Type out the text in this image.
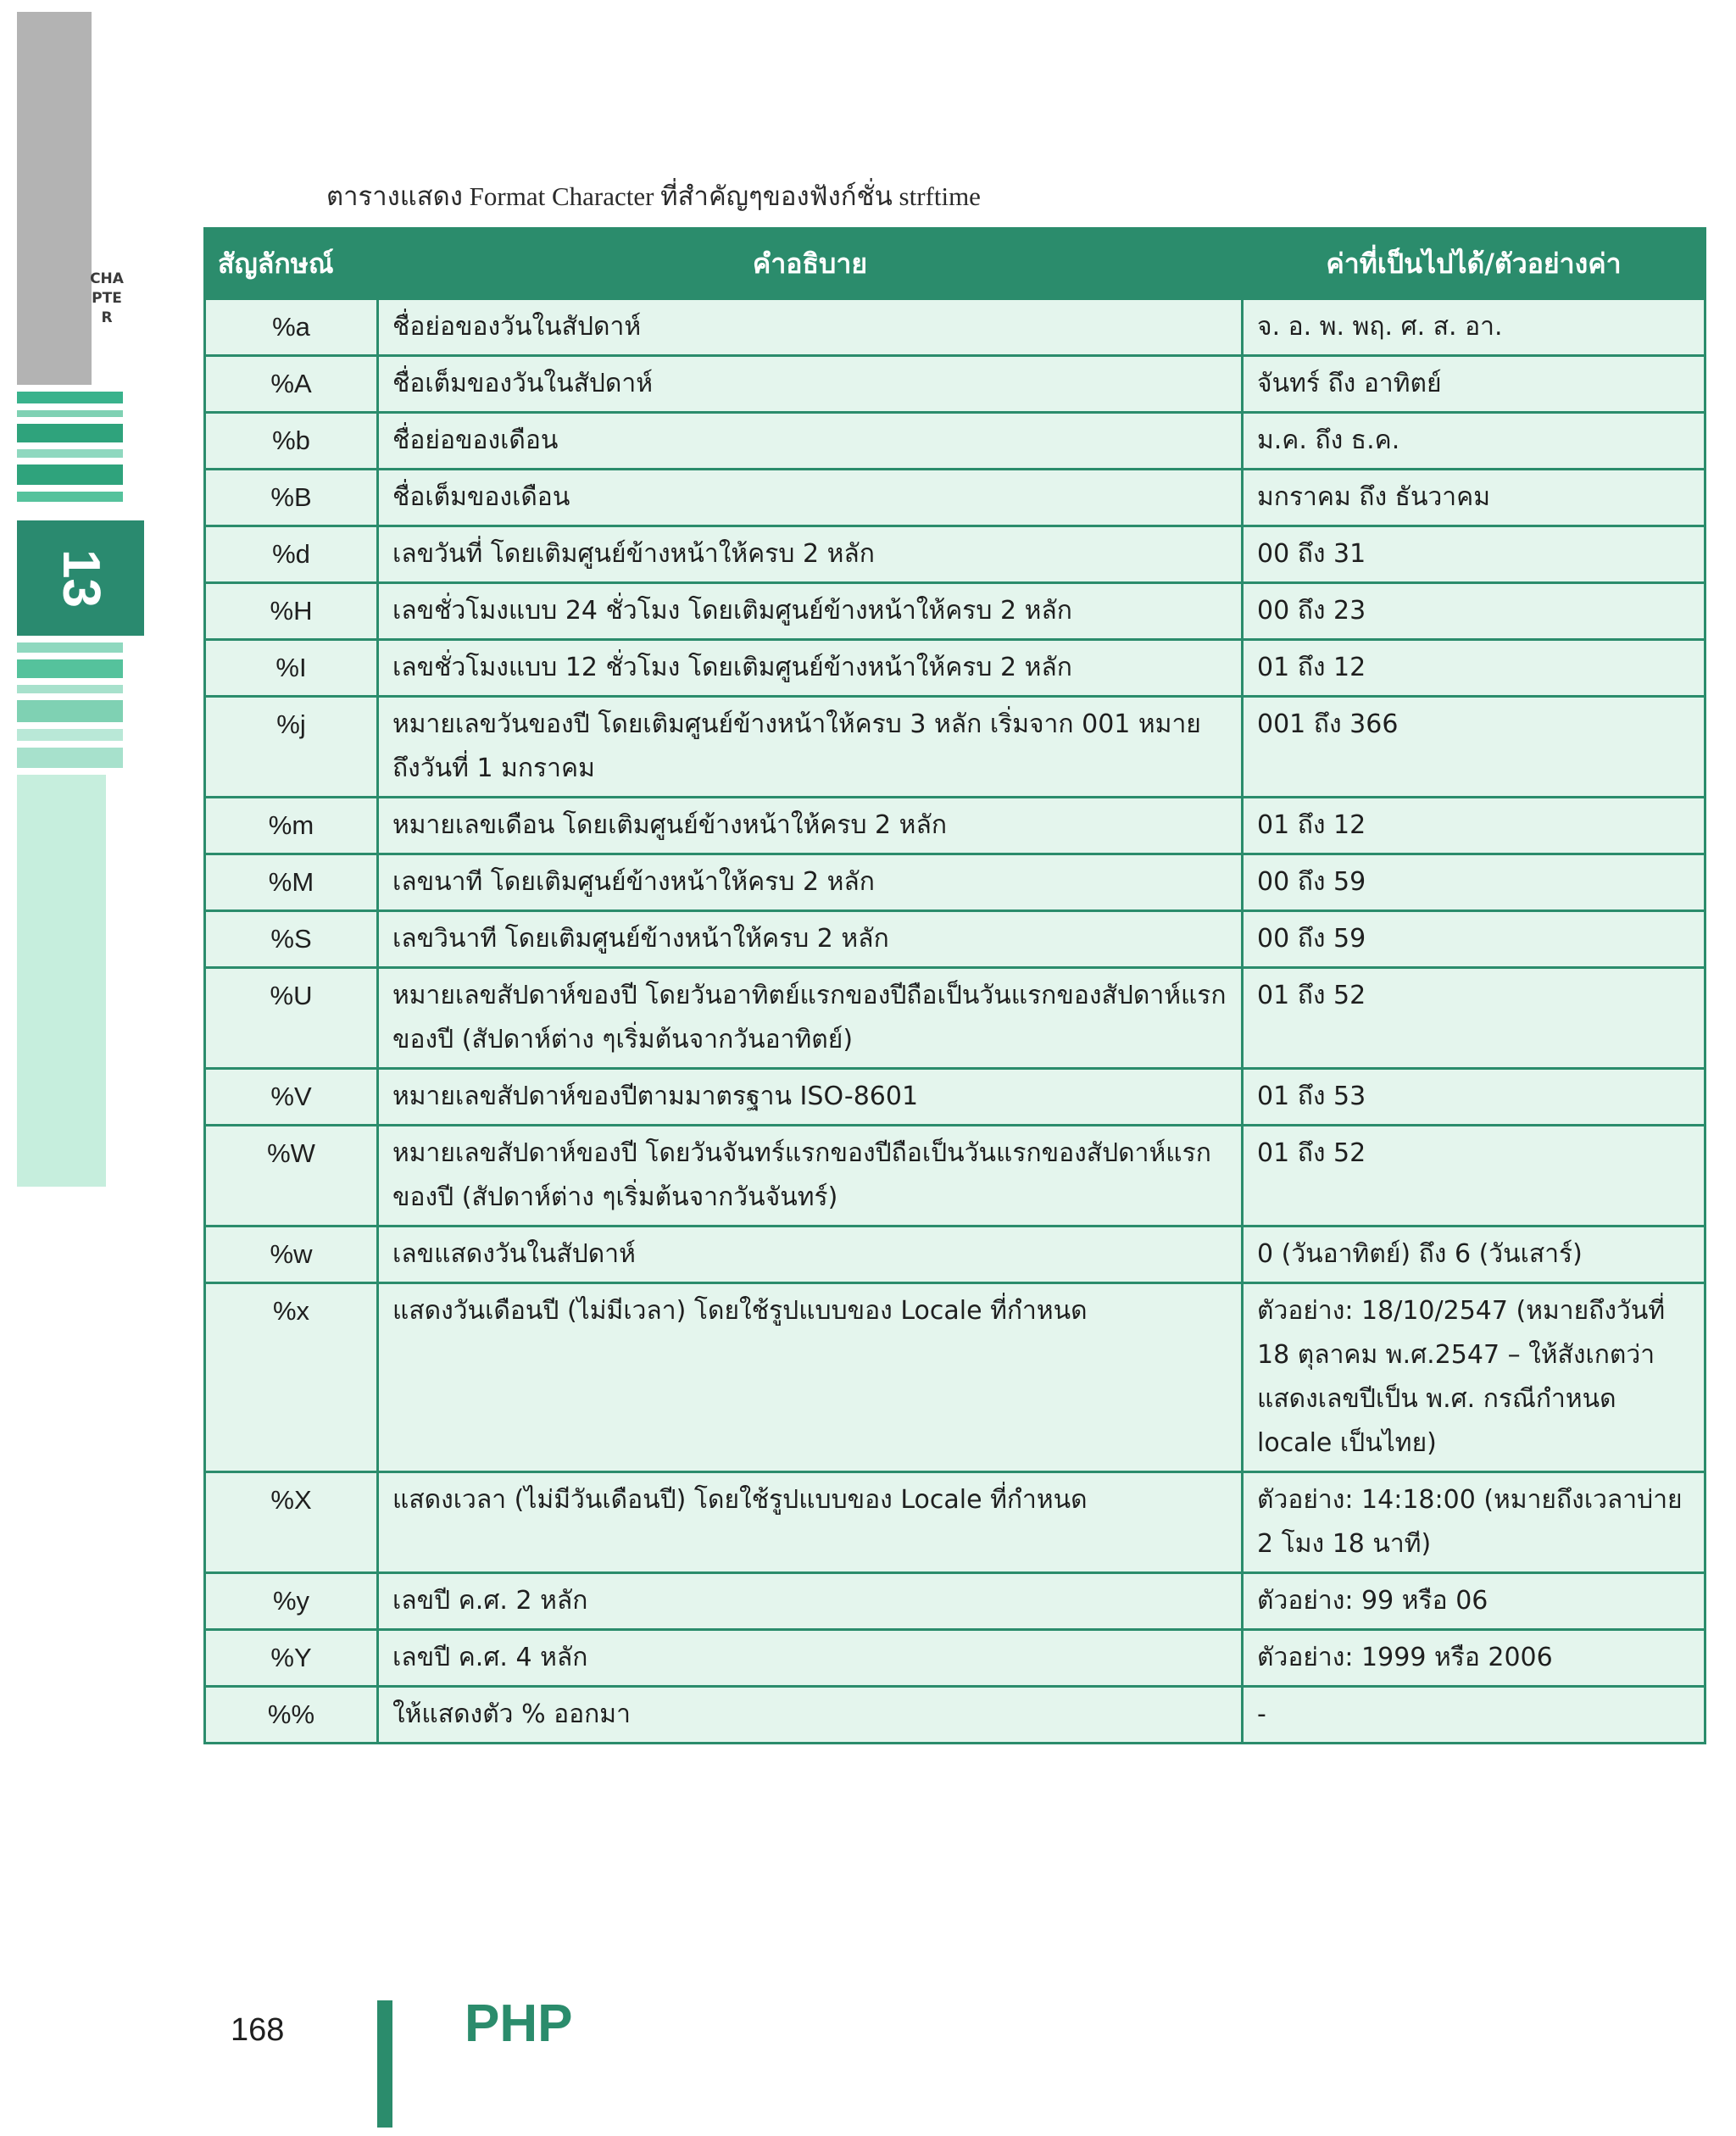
CHAPTER
13
ตารางแสดง Format Character ที่สำคัญๆของฟังก์ชั่น strftime
สัญลักษณ์	คำอธิบาย	ค่าที่เป็นไปได้/ตัวอย่างค่า
%a	ชื่อย่อของวันในสัปดาห์	จ. อ. พ. พฤ. ศ. ส. อา.
%A	ชื่อเต็มของวันในสัปดาห์	จันทร์ ถึง อาทิตย์
%b	ชื่อย่อของเดือน	ม.ค. ถึง ธ.ค.
%B	ชื่อเต็มของเดือน	มกราคม ถึง ธันวาคม
%d	เลขวันที่ โดยเติมศูนย์ข้างหน้าให้ครบ 2 หลัก	00 ถึง 31
%H	เลขชั่วโมงแบบ 24 ชั่วโมง โดยเติมศูนย์ข้างหน้าให้ครบ 2 หลัก	00 ถึง 23
%I	เลขชั่วโมงแบบ 12 ชั่วโมง โดยเติมศูนย์ข้างหน้าให้ครบ 2 หลัก	01 ถึง 12
%j	หมายเลขวันของปี โดยเติมศูนย์ข้างหน้าให้ครบ 3 หลัก เริ่มจาก 001 หมายถึงวันที่ 1 มกราคม	001 ถึง 366
%m	หมายเลขเดือน โดยเติมศูนย์ข้างหน้าให้ครบ 2 หลัก	01 ถึง 12
%M	เลขนาที โดยเติมศูนย์ข้างหน้าให้ครบ 2 หลัก	00 ถึง 59
%S	เลขวินาที โดยเติมศูนย์ข้างหน้าให้ครบ 2 หลัก	00 ถึง 59
%U	หมายเลขสัปดาห์ของปี โดยวันอาทิตย์แรกของปีถือเป็นวันแรกของสัปดาห์แรกของปี (สัปดาห์ต่าง ๆเริ่มต้นจากวันอาทิตย์)	01 ถึง 52
%V	หมายเลขสัปดาห์ของปีตามมาตรฐาน ISO-8601	01 ถึง 53
%W	หมายเลขสัปดาห์ของปี โดยวันจันทร์แรกของปีถือเป็นวันแรกของสัปดาห์แรกของปี (สัปดาห์ต่าง ๆเริ่มต้นจากวันจันทร์)	01 ถึง 52
%w	เลขแสดงวันในสัปดาห์	0 (วันอาทิตย์) ถึง 6 (วันเสาร์)
%x	แสดงวันเดือนปี (ไม่มีเวลา) โดยใช้รูปแบบของ Locale ที่กำหนด	ตัวอย่าง: 18/10/2547 (หมายถึงวันที่ 18 ตุลาคม พ.ศ.2547 – ให้สังเกตว่าแสดงเลขปีเป็น พ.ศ. กรณีกำหนด locale เป็นไทย)
%X	แสดงเวลา (ไม่มีวันเดือนปี) โดยใช้รูปแบบของ Locale ที่กำหนด	ตัวอย่าง: 14:18:00 (หมายถึงเวลาบ่าย 2 โมง 18 นาที)
%y	เลขปี ค.ศ. 2 หลัก	ตัวอย่าง: 99 หรือ 06
%Y	เลขปี ค.ศ. 4 หลัก	ตัวอย่าง: 1999 หรือ 2006
%%	ให้แสดงตัว % ออกมา	-
168	PHP
